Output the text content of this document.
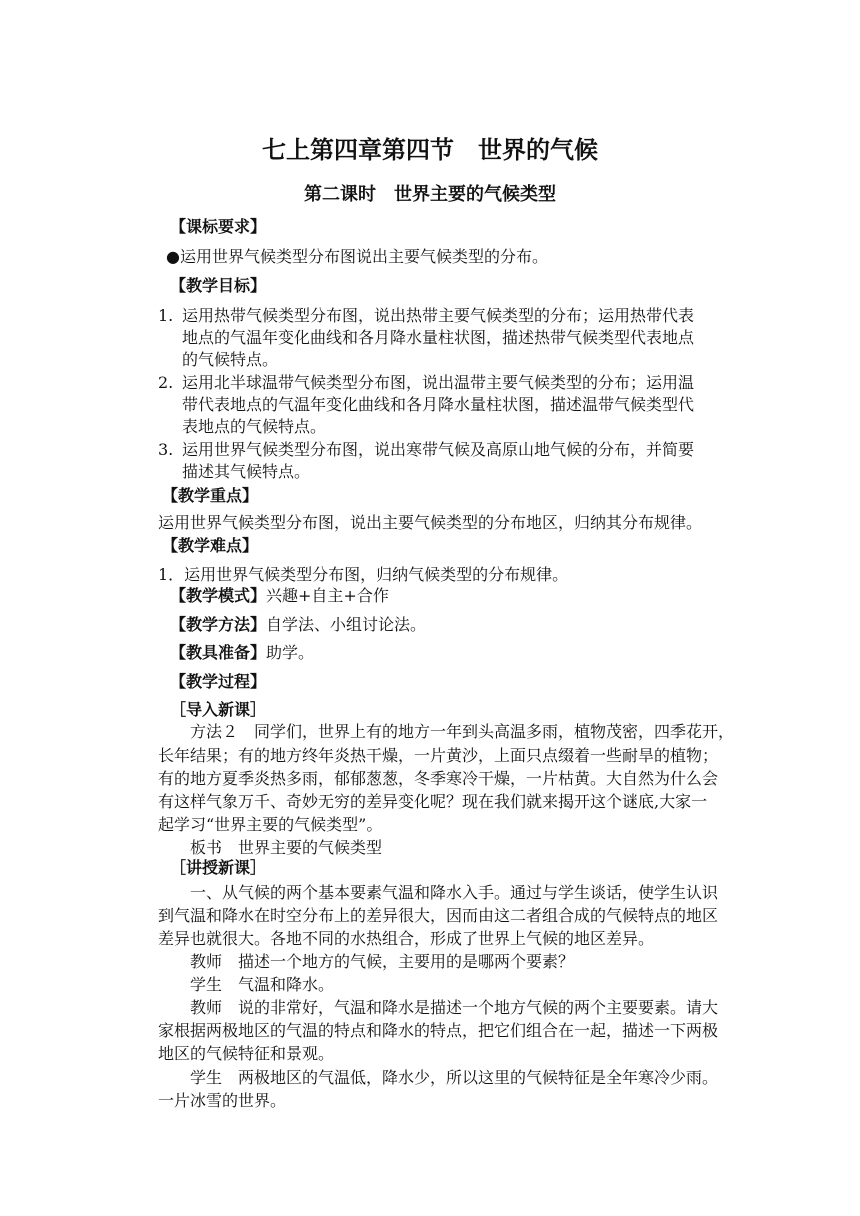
七上第四章第四节　世界的气候
第二课时　世界主要的气候类型
【课标要求】
●运用世界气候类型分布图说出主要气候类型的分布。
【教学目标】
1. 运用热带气候类型分布图，说出热带主要气候类型的分布；运用热带代表
地点的气温年变化曲线和各月降水量柱状图，描述热带气候类型代表地点
的气候特点。
2. 运用北半球温带气候类型分布图，说出温带主要气候类型的分布；运用温
带代表地点的气温年变化曲线和各月降水量柱状图，描述温带气候类型代
表地点的气候特点。
3. 运用世界气候类型分布图，说出寒带气候及高原山地气候的分布，并简要
描述其气候特点。
【教学重点】
运用世界气候类型分布图，说出主要气候类型的分布地区，归纳其分布规律。
【教学难点】
1．运用世界气候类型分布图，归纳气候类型的分布规律。
【教学模式】兴趣+自主+合作
【教学方法】自学法、小组讨论法。
【教具准备】助学。
【教学过程】
［导入新课］
方法２　同学们，世界上有的地方一年到头高温多雨，植物茂密，四季花开，
长年结果；有的地方终年炎热干燥，一片黄沙，上面只点缀着一些耐旱的植物；
有的地方夏季炎热多雨，郁郁葱葱，冬季寒冷干燥，一片枯黄。大自然为什么会
有这样气象万千、奇妙无穷的差异变化呢？现在我们就来揭开这个谜底,大家一
起学习“世界主要的气候类型”。
板书　世界主要的气候类型
［讲授新课］
一、从气候的两个基本要素气温和降水入手。通过与学生谈话，使学生认识
到气温和降水在时空分布上的差异很大，因而由这二者组合成的气候特点的地区
差异也就很大。各地不同的水热组合，形成了世界上气候的地区差异。
教师　描述一个地方的气候，主要用的是哪两个要素？
学生　气温和降水。
教师　说的非常好，气温和降水是描述一个地方气候的两个主要要素。请大
家根据两极地区的气温的特点和降水的特点，把它们组合在一起，描述一下两极
地区的气候特征和景观。
学生　两极地区的气温低，降水少，所以这里的气候特征是全年寒冷少雨。
一片冰雪的世界。
